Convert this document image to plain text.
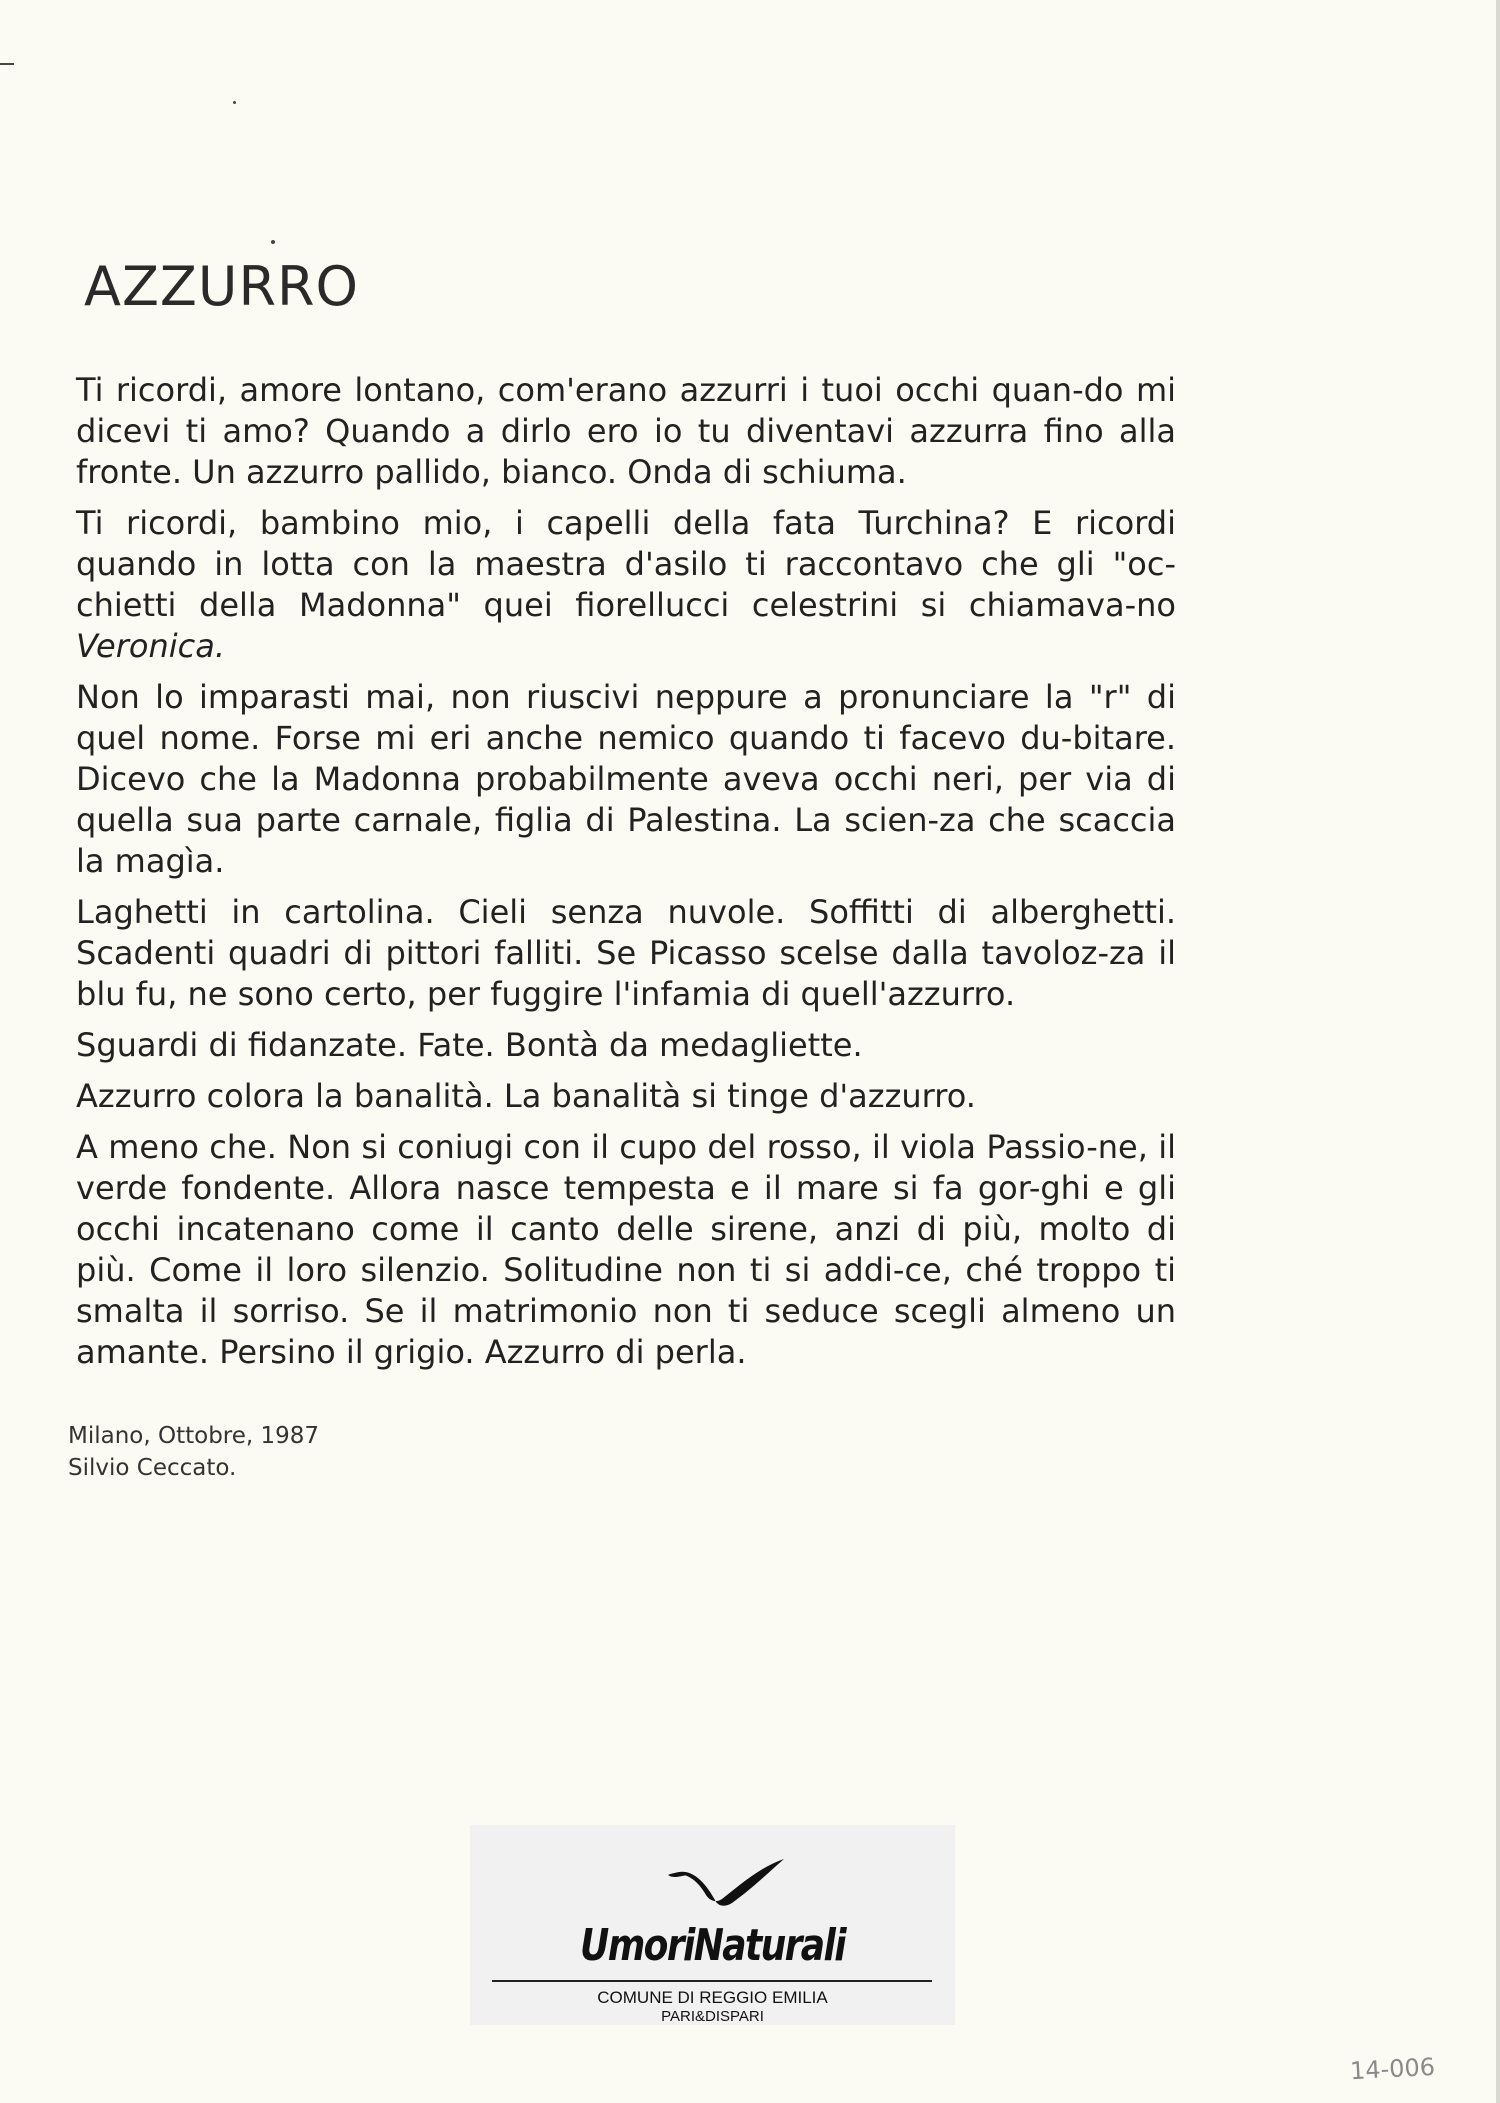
AZZURRO

Ti ricordi, amore lontano, com'erano azzurri i tuoi occhi quan-do mi dicevi ti amo? Quando a dirlo ero io tu diventavi azzurra fino alla fronte. Un azzurro pallido, bianco. Onda di schiuma.

Ti ricordi, bambino mio, i capelli della fata Turchina? E ricordi quando in lotta con la maestra d'asilo ti raccontavo che gli "oc-chietti della Madonna" quei fiorellucci celestrini si chiamava-no Veronica.

Non lo imparasti mai, non riuscivi neppure a pronunciare la "r" di quel nome. Forse mi eri anche nemico quando ti facevo du-bitare. Dicevo che la Madonna probabilmente aveva occhi neri, per via di quella sua parte carnale, figlia di Palestina. La scien-za che scaccia la magìa.

Laghetti in cartolina. Cieli senza nuvole. Soffitti di alberghetti. Scadenti quadri di pittori falliti. Se Picasso scelse dalla tavoloz-za il blu fu, ne sono certo, per fuggire l'infamia di quell'azzurro.

Sguardi di fidanzate. Fate. Bontà da medagliette.

Azzurro colora la banalità. La banalità si tinge d'azzurro.

A meno che. Non si coniugi con il cupo del rosso, il viola Passio-ne, il verde fondente. Allora nasce tempesta e il mare si fa gor-ghi e gli occhi incatenano come il canto delle sirene, anzi di più, molto di più. Come il loro silenzio. Solitudine non ti si addi-ce, ché troppo ti smalta il sorriso. Se il matrimonio non ti seduce scegli almeno un amante. Persino il grigio. Azzurro di perla.

Milano, Ottobre, 1987
Silvio Ceccato.
UmoriNaturali
COMUNE DI REGGIO EMILIA
PARI&DISPARI
14-006
